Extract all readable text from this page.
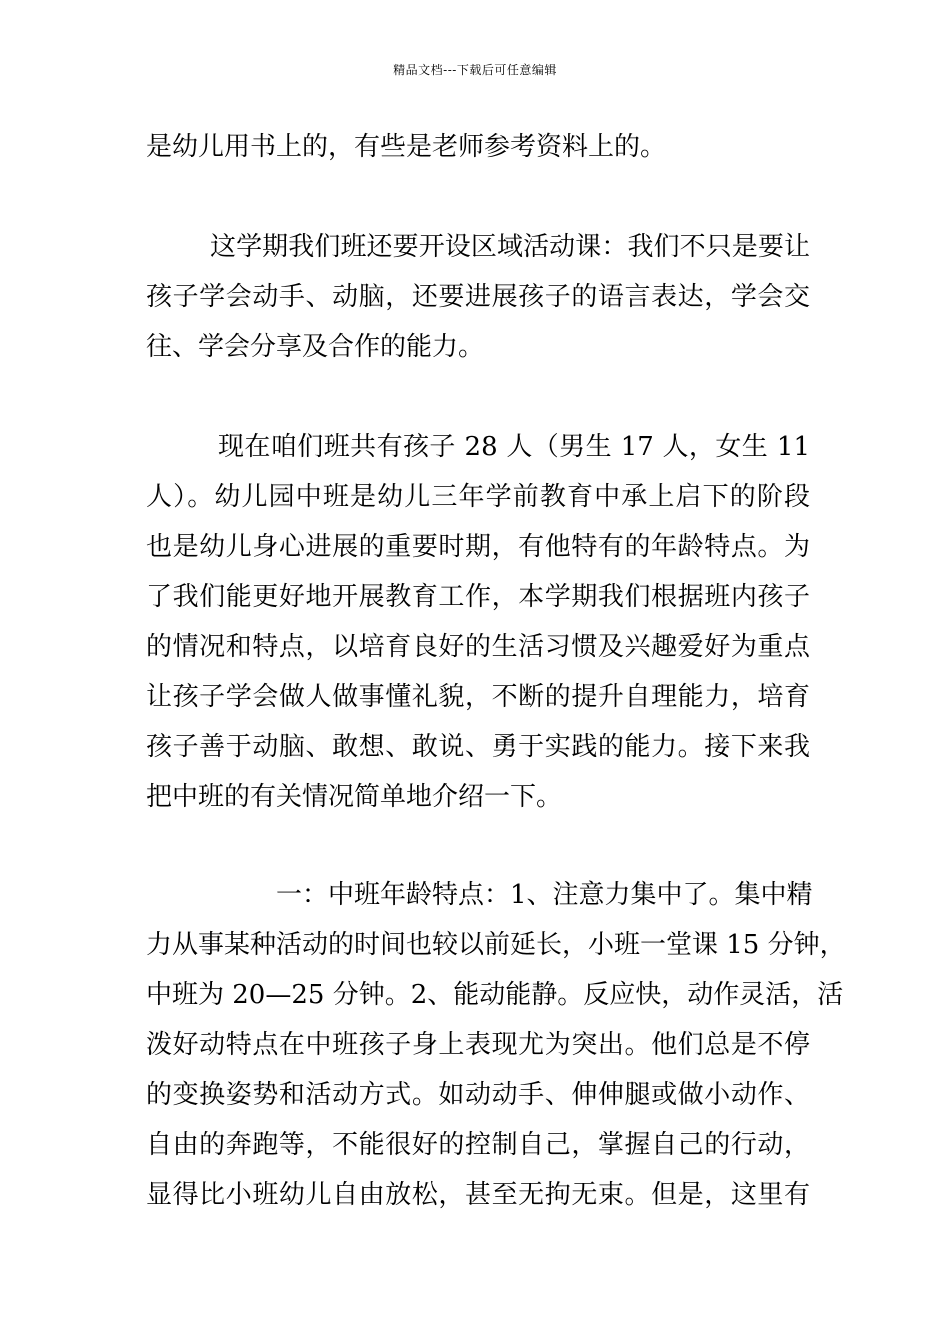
精品文档---下载后可任意编辑
是幼儿用书上的，有些是老师参考资料上的。
这学期我们班还要开设区域活动课：我们不只是要让
孩子学会动手、动脑，还要进展孩子的语言表达，学会交
往、学会分享及合作的能力。
现在咱们班共有孩子 28 人（男生 17 人，女生 11
人）。幼儿园中班是幼儿三年学前教育中承上启下的阶段
也是幼儿身心进展的重要时期，有他特有的年龄特点。为
了我们能更好地开展教育工作，本学期我们根据班内孩子
的情况和特点，以培育良好的生活习惯及兴趣爱好为重点
让孩子学会做人做事懂礼貌，不断的提升自理能力，培育
孩子善于动脑、敢想、敢说、勇于实践的能力。接下来我
把中班的有关情况简单地介绍一下。
一：中班年龄特点：1、注意力集中了。集中精
力从事某种活动的时间也较以前延长，小班一堂课 15 分钟，
中班为 20—25 分钟。2、能动能静。反应快，动作灵活，活
泼好动特点在中班孩子身上表现尤为突出。他们总是不停
的变换姿势和活动方式。如动动手、伸伸腿或做小动作、
自由的奔跑等，不能很好的控制自己，掌握自己的行动，
显得比小班幼儿自由放松，甚至无拘无束。但是，这里有
